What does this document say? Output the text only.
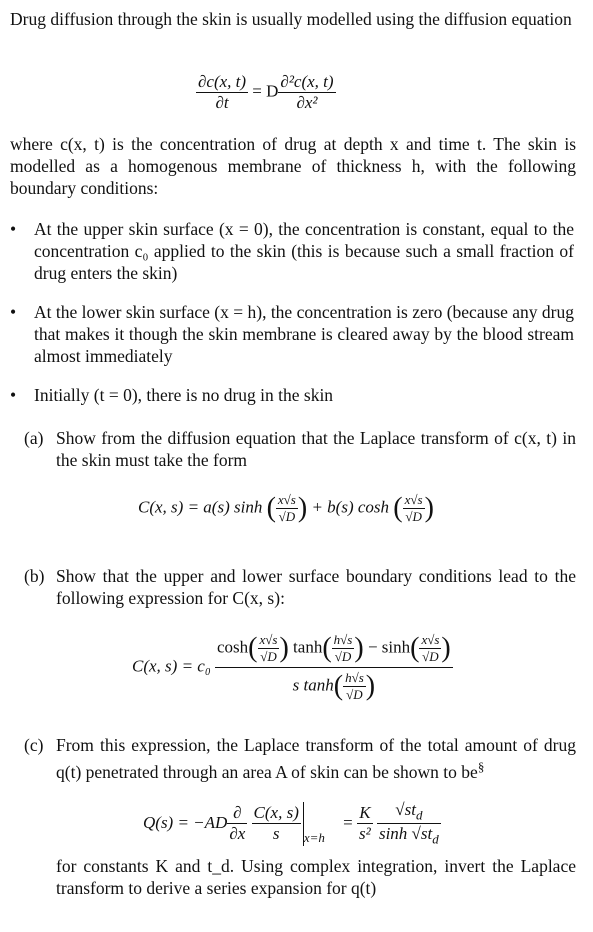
Drug diffusion through the skin is usually modelled using the diffusion equation
$\frac{\partial c(x, t)}{\partial t} = D \frac{\text{∂²c(x, t)}}{\text{∂x²}}$
where c(x, t) is the concentration of drug at depth x and time t. The skin is modelled as a homogenous membrane of thickness h, with the following boundary conditions:
• At the upper skin surface (x = 0), the concentration is constant, equal to the concentration c₀ applied to the skin (this is because such a small fraction of drug enters the skin)
• At the lower skin surface (x = h), the concentration is zero (because any drug that makes it though the skin membrane is cleared away by the blood stream almost immediately
• Initially (t = 0), there is no drug in the skin
(a) Show from the diffusion equation that the Laplace transform of c(x, t) in the skin must take the form
C(x, s) = a(s) sinh ( $\frac{x√s}{√D}$ ) + b(s) cosh ( $\frac{x√s}{√D}$ )
(b) Show that the upper and lower surface boundary conditions lead to the following expression for C(x, s):
C(x, $s) = c_0 \frac{\cosh( \frac{x√s}{√D} ) \tanh( \frac{h√s}{√D} ) - \sinh( \frac{x√s}{√D} )}{s \tanh( \frac{h√s}{√D} )}$
(c) From this expression, the Laplace transform of the total amount of drug q(t) penetrated through an area A of skin can be shown to be§
$Q(s) = -AD \frac{\partial}{\partial x}$
$\frac{C(x, s)}{s} _{x=h} = \frac{K}{\text{s²}}$
$\frac{√st_d}{\sinh √st_d}$
for constants K and t_d. Using complex integration, invert the Laplace transform to derive a series expansion for q(t)
